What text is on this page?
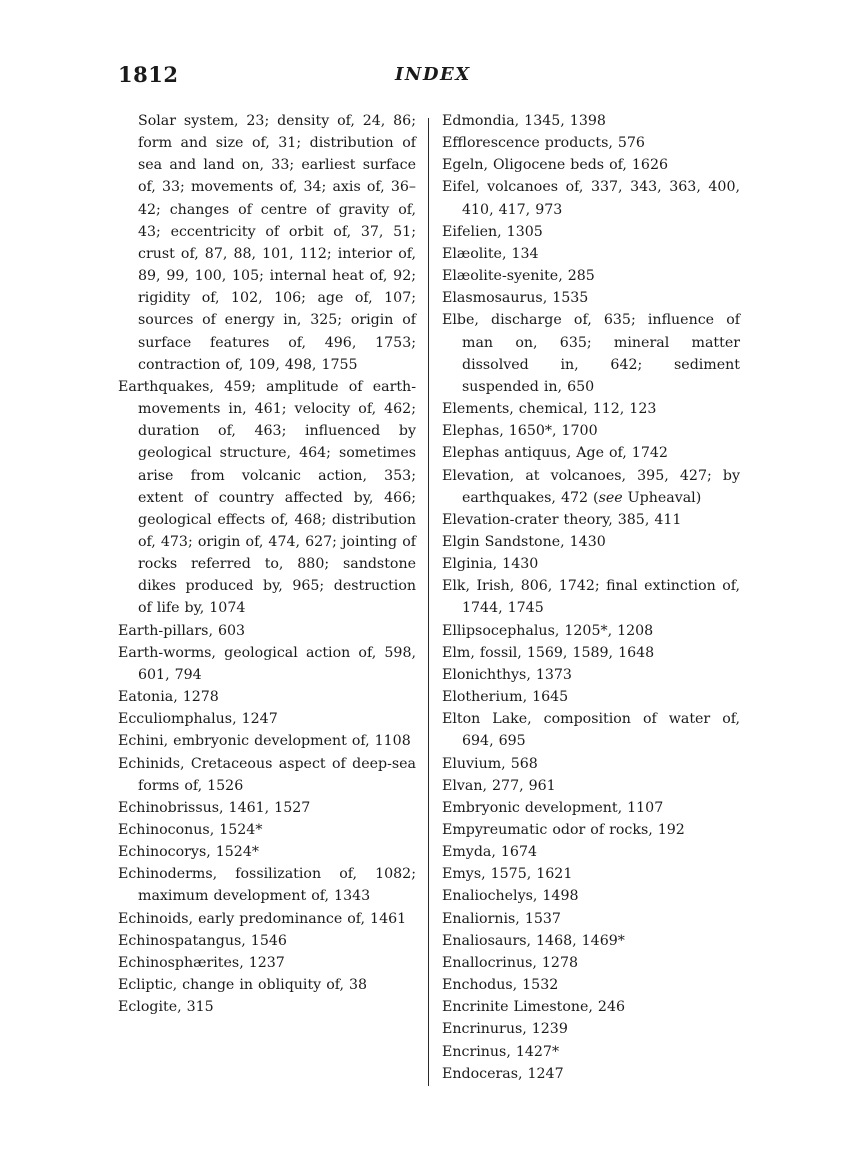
1812	INDEX
Solar system, 23; density of, 24, 86; form and size of, 31; distribution of sea and land on, 33; earliest surface of, 33; movements of, 34; axis of, 36–42; changes of centre of gravity of, 43; eccentricity of orbit of, 37, 51; crust of, 87, 88, 101, 112; interior of, 89, 99, 100, 105; internal heat of, 92; rigidity of, 102, 106; age of, 107; sources of energy in, 325; origin of surface features of, 496, 1753; contraction of, 109, 498, 1755
Earthquakes, 459; amplitude of earth-movements in, 461; velocity of, 462; duration of, 463; influenced by geological structure, 464; sometimes arise from volcanic action, 353; extent of country affected by, 466; geological effects of, 468; distribution of, 473; origin of, 474, 627; jointing of rocks referred to, 880; sandstone dikes produced by, 965; destruction of life by, 1074
Earth-pillars, 603
Earth-worms, geological action of, 598, 601, 794
Eatonia, 1278
Ecculiomphalus, 1247
Echini, embryonic development of, 1108
Echinids, Cretaceous aspect of deep-sea forms of, 1526
Echinobrissus, 1461, 1527
Echinoconus, 1524*
Echinocorys, 1524*
Echinoderms, fossilization of, 1082; maximum development of, 1343
Echinoids, early predominance of, 1461
Echinospatangus, 1546
Echinosphærites, 1237
Ecliptic, change in obliquity of, 38
Eclogite, 315
Edmondia, 1345, 1398
Efflorescence products, 576
Egeln, Oligocene beds of, 1626
Eifel, volcanoes of, 337, 343, 363, 400, 410, 417, 973
Eifelien, 1305
Elæolite, 134
Elæolite-syenite, 285
Elasmosaurus, 1535
Elbe, discharge of, 635; influence of man on, 635; mineral matter dissolved in, 642; sediment suspended in, 650
Elements, chemical, 112, 123
Elephas, 1650*, 1700
Elephas antiquus, Age of, 1742
Elevation, at volcanoes, 395, 427; by earthquakes, 472 (see Upheaval)
Elevation-crater theory, 385, 411
Elgin Sandstone, 1430
Elginia, 1430
Elk, Irish, 806, 1742; final extinction of, 1744, 1745
Ellipsocephalus, 1205*, 1208
Elm, fossil, 1569, 1589, 1648
Elonichthys, 1373
Elotherium, 1645
Elton Lake, composition of water of, 694, 695
Eluvium, 568
Elvan, 277, 961
Embryonic development, 1107
Empyreumatic odor of rocks, 192
Emyda, 1674
Emys, 1575, 1621
Enaliochelys, 1498
Enaliornis, 1537
Enaliosaurs, 1468, 1469*
Enallocrinus, 1278
Enchodus, 1532
Encrinite Limestone, 246
Encrinurus, 1239
Encrinus, 1427*
Endoceras, 1247
